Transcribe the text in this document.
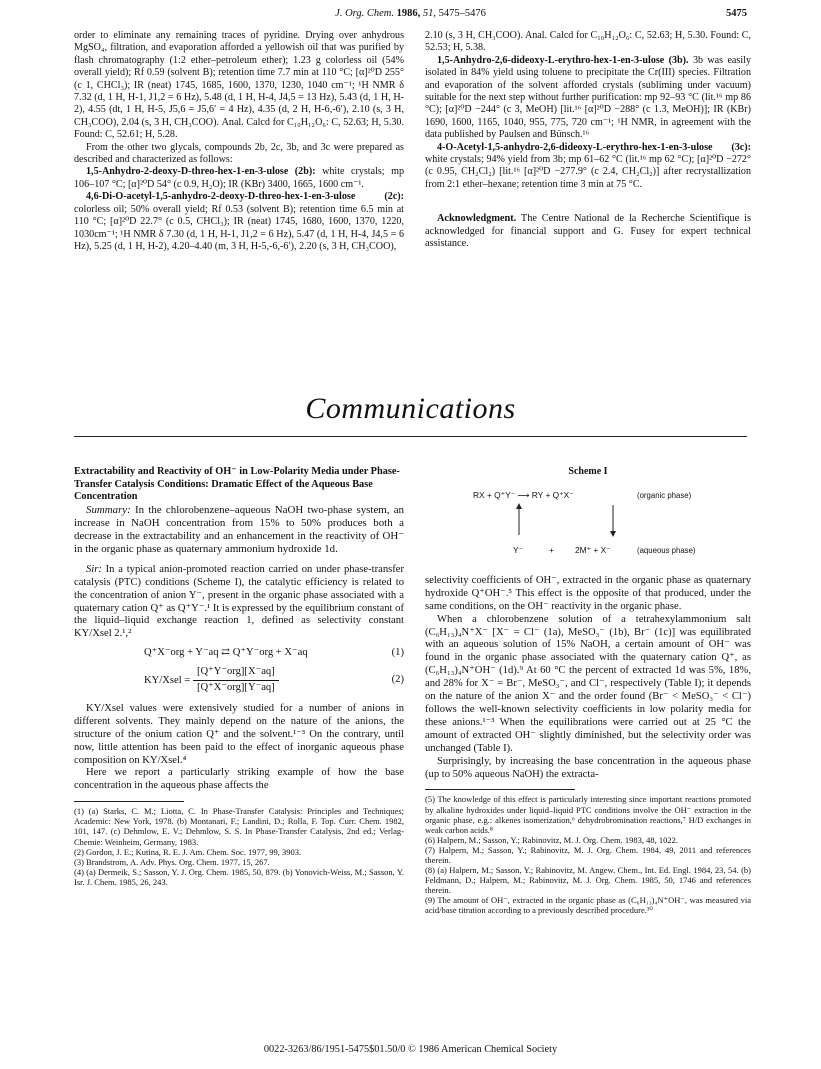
J. Org. Chem. 1986, 51, 5475–5476	5475

order to eliminate any remaining traces of pyridine. Drying over anhydrous MgSO₄, filtration, and evaporation afforded a yellowish oil that was purified by flash chromatography (1:2 ether–petroleum ether); 1.23 g colorless oil (54% overall yield); Rf 0.59 (solvent B); retention time 7.7 min at 110 °C; [α]²⁰D 255° (c 1, CHCl₃); IR (neat) 1745, 1685, 1600, 1370, 1230, 1040 cm⁻¹; ¹H NMR δ 7.32 (d, 1 H, H-1, J1,2 = 6 Hz), 5.48 (d, 1 H, H-4, J4,5 = 13 Hz), 5.43 (d, 1 H, H-2), 4.55 (dt, 1 H, H-5, J5,6 = J5,6′ = 4 Hz), 4.35 (d, 2 H, H-6,-6′), 2.10 (s, 3 H, CH₃COO), 2.04 (s, 3 H, CH₃COO). Anal. Calcd for C₁₀H₁₂O₆: C, 52.63; H, 5.30. Found: C, 52.61; H, 5.28.

From the other two glycals, compounds 2b, 2c, 3b, and 3c were prepared as described and characterized as follows:

1,5-Anhydro-2-deoxy-D-threo-hex-1-en-3-ulose (2b): white crystals; mp 106–107 °C; [α]²⁰D 54° (c 0.9, H₂O); IR (KBr) 3400, 1665, 1600 cm⁻¹.

4,6-Di-O-acetyl-1,5-anhydro-2-deoxy-D-threo-hex-1-en-3-ulose (2c): colorless oil; 50% overall yield; Rf 0.53 (solvent B); retention time 6.5 min at 110 °C; [α]²⁰D 22.7° (c 0.5, CHCl₃); IR (neat) 1745, 1680, 1600, 1370, 1220, 1030cm⁻¹; ¹H NMR δ 7.30 (d, 1 H, H-1, J1,2 = 6 Hz), 5.47 (d, 1 H, H-4, J4,5 = 6 Hz), 5.25 (d, 1 H, H-2), 4.20–4.40 (m, 3 H, H-5,-6,-6′), 2.20 (s, 3 H, CH₃COO),

2.10 (s, 3 H, CH₃COO). Anal. Calcd for C₁₀H₁₂O₆: C, 52.63; H, 5.30. Found: C, 52.53; H, 5.38.

1,5-Anhydro-2,6-dideoxy-L-erythro-hex-1-en-3-ulose (3b). 3b was easily isolated in 84% yield using toluene to precipitate the Cr(III) species. Filtration and evaporation of the solvent afforded crystals (subliming under vacuum) suitable for the next step without further purification: mp 92–93 °C (lit.¹⁶ mp 86 °C); [α]²⁰D −244° (c 3, MeOH) [lit.¹⁶ [α]²⁰D −288° (c 1.3, MeOH)]; IR (KBr) 1690, 1600, 1165, 1040, 955, 775, 720 cm⁻¹; ¹H NMR, in agreement with the data published by Paulsen and Bünsch.¹⁶

4-O-Acetyl-1,5-anhydro-2,6-dideoxy-L-erythro-hex-1-en-3-ulose (3c): white crystals; 94% yield from 3b; mp 61–62 °C (lit.¹⁶ mp 62 °C); [α]²⁰D −272° (c 0.95, CH₂Cl₂) [lit.¹⁶ [α]²⁰D −277.9° (c 2.4, CH₂Cl₂)] after recrystallization from 2:1 ether–hexane; retention time 3 min at 75 °C.

Acknowledgment. The Centre National de la Recherche Scientifique is acknowledged for financial support and G. Fusey for expert technical assistance.

Communications

Extractability and Reactivity of OH⁻ in Low-Polarity Media under Phase-Transfer Catalysis Conditions: Dramatic Effect of the Aqueous Base Concentration

Summary: In the chlorobenzene–aqueous NaOH two-phase system, an increase in NaOH concentration from 15% to 50% produces both a decrease in the extractability and an enhancement in the reactivity of OH⁻ in the organic phase as quaternary ammonium hydroxide 1d.

Sir: In a typical anion-promoted reaction carried on under phase-transfer catalysis (PTC) conditions (Scheme I), the catalytic efficiency is related to the concentration of anion Y⁻, present in the organic phase associated with a quaternary cation Q⁺ as Q⁺Y⁻.¹ It is expressed by the equilibrium constant of the liquid–liquid exchange reaction 1, defined as selectivity constant KY/Xsel 2.¹,²

Q⁺X⁻org + Y⁻aq ⇄ Q⁺Y⁻org + X⁻aq	(1)
KY/Xsel = $\frac{\text{[Q⁺Y⁻org][X⁻aq]}}{\text{[Q⁺X⁻org][Y⁻aq]}}$	(2)

KY/Xsel values were extensively studied for a number of anions in different solvents. They mainly depend on the nature of the anions, the structure of the onium cation Q⁺ and the solvent.¹⁻³ On the contrary, until now, little attention has been paid to the effect of inorganic aqueous phase composition on KY/Xsel.⁴

Here we report a particularly striking example of how the base concentration in the aqueous phase affects the

(1) (a) Starks, C. M.; Liotta, C. In Phase-Transfer Catalysis: Principles and Techniques; Academic: New York, 1978. (b) Montanari, F.; Landini, D.; Rolla, F. Top. Curr. Chem. 1982, 101, 147. (c) Dehmlow, E. V.; Dehmlow, S. S. In Phase-Transfer Catalysis, 2nd ed.; Verlag-Chemie: Weinheim, Germany, 1983.

(2) Gordon, J. E.; Kutina, R. E. J. Am. Chem. Soc. 1977, 99, 3903.

(3) Brandstrom, A. Adv. Phys. Org. Chem. 1977, 15, 267.

(4) (a) Dermeik, S.; Sasson, Y. J. Org. Chem. 1985, 50, 879. (b) Yonovich-Weiss, M.; Sasson, Y. Isr. J. Chem. 1985, 26, 243.

Scheme I
RX + Q⁺Y⁻ ⟶ RY + Q⁺X⁻	(organic phase)
Y⁻	+	2M⁺ + X⁻	(aqueous phase)

selectivity coefficients of OH⁻, extracted in the organic phase as quaternary hydroxide Q⁺OH⁻.⁵ This effect is the opposite of that produced, under the same conditions, on the OH⁻ reactivity in the organic phase.

When a chlorobenzene solution of a tetrahexylammonium salt (C₆H₁₃)₄N⁺X⁻ [X⁻ = Cl⁻ (1a), MeSO₃⁻ (1b), Br⁻ (1c)] was equilibrated with an aqueous solution of 15% NaOH, a certain amount of OH⁻ was found in the organic phase associated with the quaternary cation Q⁺, as (C₆H₁₃)₄N⁺OH⁻ (1d).⁹ At 60 °C the percent of extracted 1d was 5%, 18%, and 28% for X⁻ = Br⁻, MeSO₃⁻, and Cl⁻, respectively (Table I); it depends on the nature of the anion X⁻ and the order found (Br⁻ < MeSO₃⁻ < Cl⁻) follows the well-known selectivity coefficients in low polarity media for these anions.¹⁻³ When the equilibrations were carried out at 25 °C the amount of extracted OH⁻ slightly diminished, but the selectivity order was unchanged (Table I).

Surprisingly, by increasing the base concentration in the aqueous phase (up to 50% aqueous NaOH) the extracta-

(5) The knowledge of this effect is particularly interesting since important reactions promoted by alkaline hydroxides under liquid–liquid PTC conditions involve the OH⁻ extraction in the organic phase, e.g.: alkenes isomerization,⁶ dehydrobromination reactions,⁷ H/D exchanges in weak carbon acids.⁸

(6) Halpern, M.; Sasson, Y.; Rabinovitz, M. J. Org. Chem. 1983, 48, 1022.

(7) Halpern, M.; Sasson, Y.; Rabinovitz, M. J. Org. Chem. 1984, 49, 2011 and references therein.

(8) (a) Halpern, M.; Sasson, Y.; Rabinovitz, M. Angew. Chem., Int. Ed. Engl. 1984, 23, 54. (b) Feldmann, D.; Halpern, M.; Rabinovitz, M. J. Org. Chem. 1985, 50, 1746 and references therein.

(9) The amount of OH⁻, extracted in the organic phase as (C₆H₁₃)₄N⁺OH⁻, was measured via acid/base titration according to a previously described procedure.¹⁰

0022-3263/86/1951-5475$01.50/0 © 1986 American Chemical Society
